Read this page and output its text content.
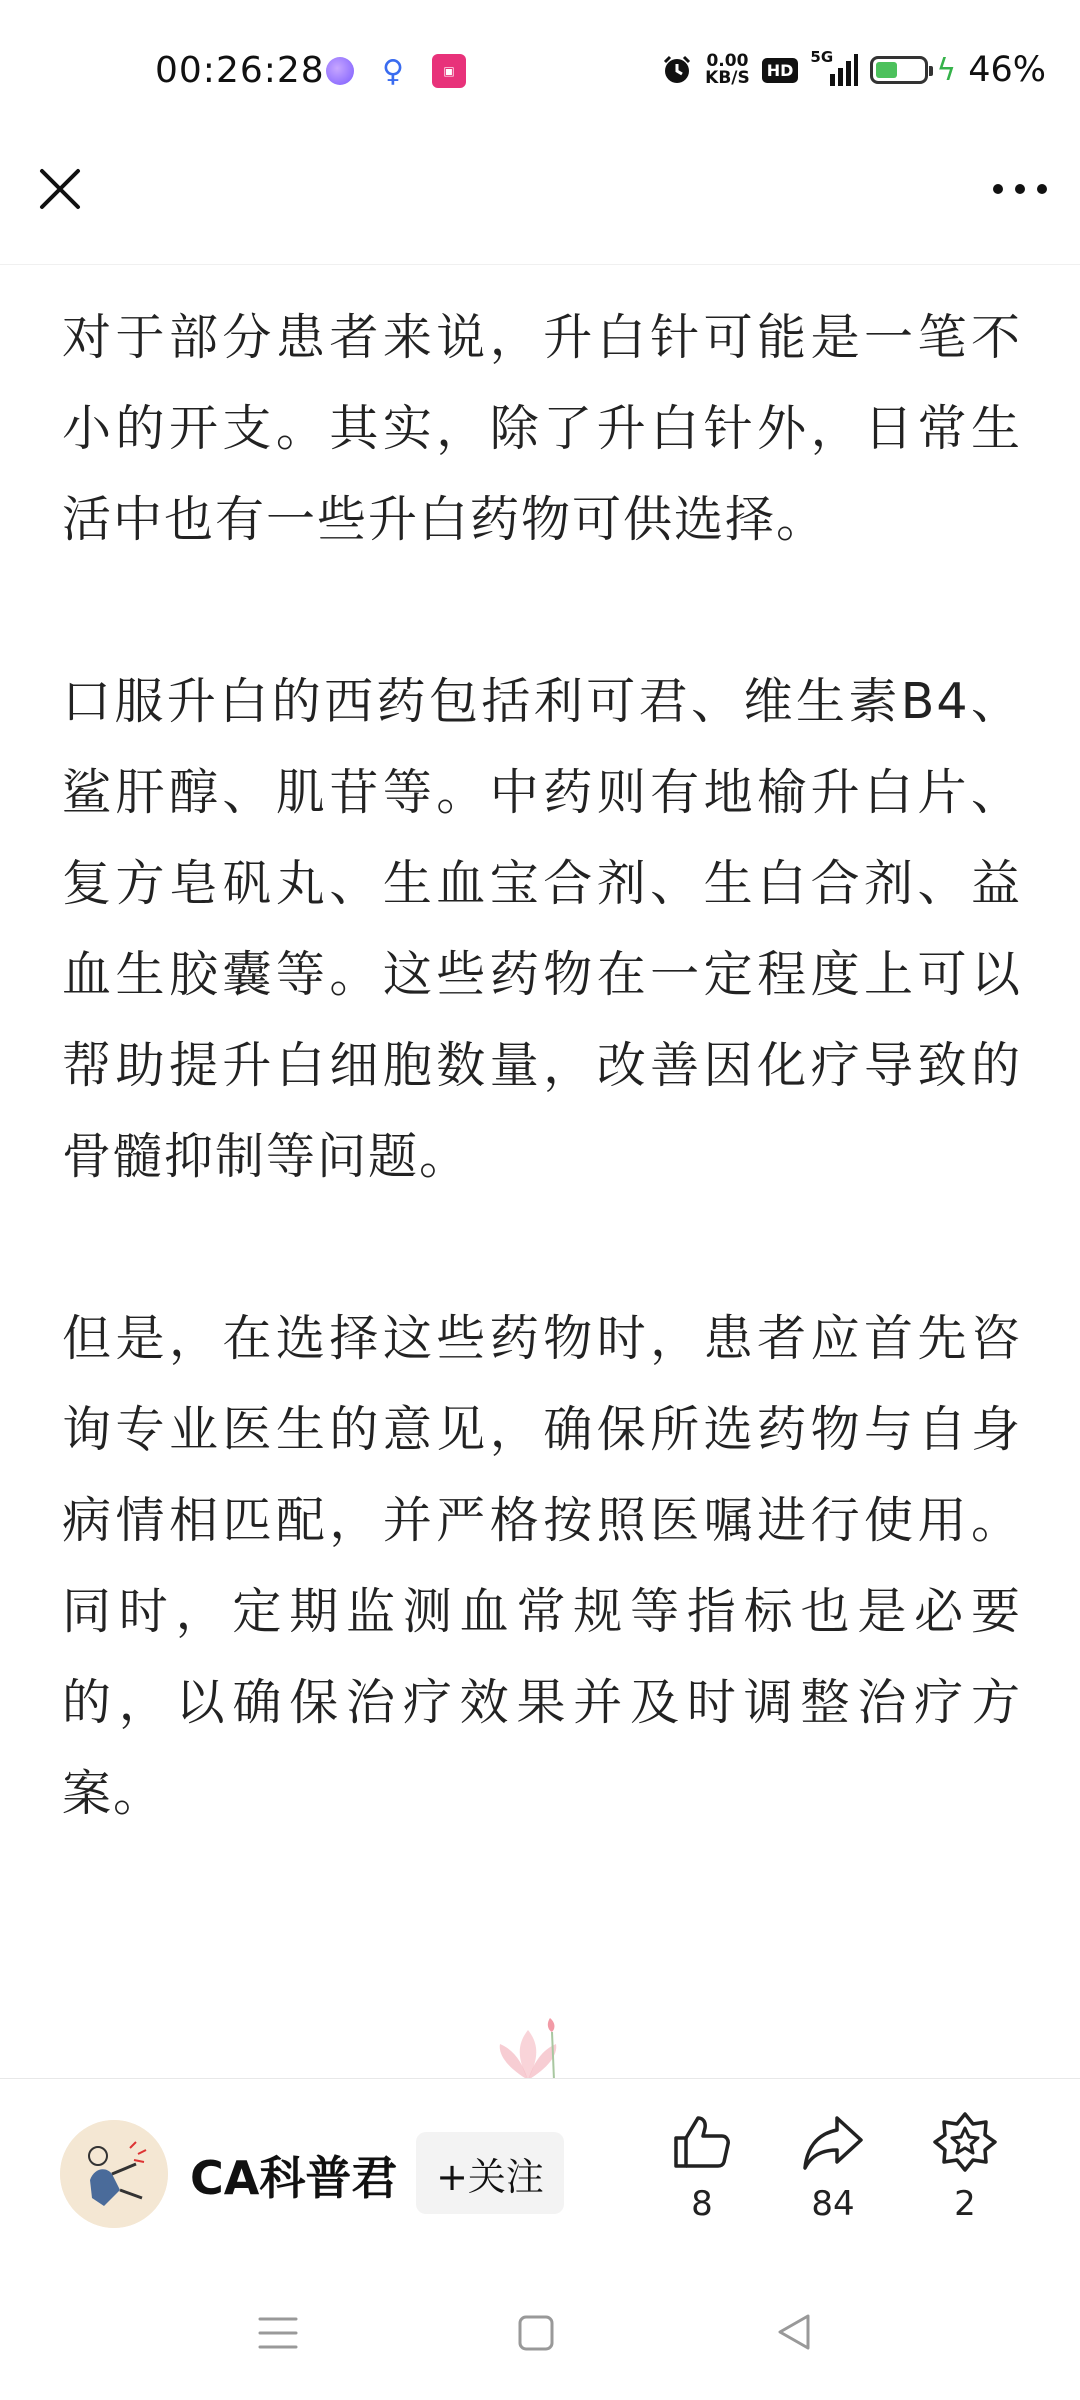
00:26:28 ♀	▣	0.00
KB/S	HD
5G	ϟ 46%

对于部分患者来说，升白针可能是一笔不小的开支。其实，除了升白针外，日常生活中也有一些升白药物可供选择。

口服升白的西药包括利可君、维生素B4、鲨肝醇、肌苷等。中药则有地榆升白片、复方皂矾丸、生血宝合剂、生白合剂、益血生胶囊等。这些药物在一定程度上可以帮助提升白细胞数量，改善因化疗导致的骨髓抑制等问题。

但是，在选择这些药物时，患者应首先咨询专业医生的意见，确保所选药物与自身病情相匹配，并严格按照医嘱进行使用。同时，定期监测血常规等指标也是必要的，以确保治疗效果并及时调整治疗方案。

CA科普君	+关注
8	84	2
